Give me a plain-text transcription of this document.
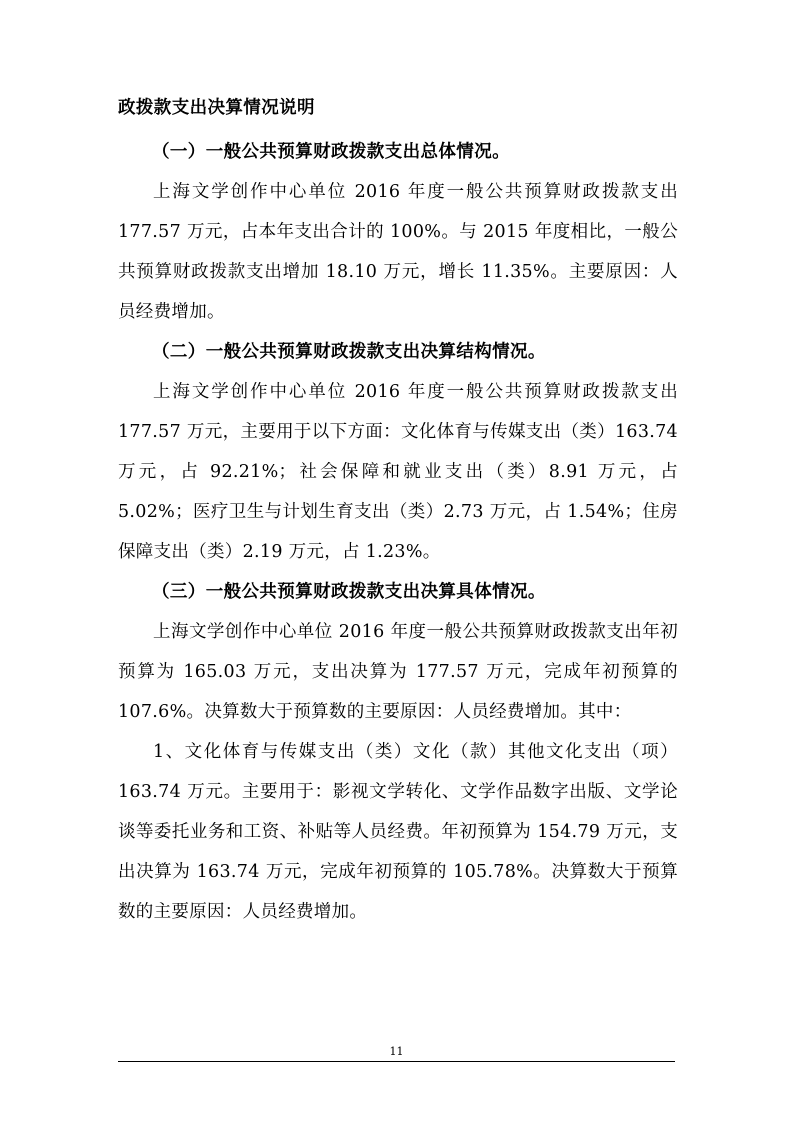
政拨款支出决算情况说明

（一）一般公共预算财政拨款支出总体情况。

上海文学创作中心单位 2016 年度一般公共预算财政拨款支出 177.57 万元，占本年支出合计的 100%。与 2015 年度相比，一般公共预算财政拨款支出增加 18.10 万元，增长 11.35%。主要原因：人员经费增加。

（二）一般公共预算财政拨款支出决算结构情况。

上海文学创作中心单位 2016 年度一般公共预算财政拨款支出 177.57 万元，主要用于以下方面：文化体育与传媒支出（类）163.74 万元，占 92.21%；社会保障和就业支出（类）8.91 万元，占 5.02%；医疗卫生与计划生育支出（类）2.73 万元，占 1.54%；住房保障支出（类）2.19 万元，占 1.23%。

（三）一般公共预算财政拨款支出决算具体情况。

上海文学创作中心单位 2016 年度一般公共预算财政拨款支出年初预算为 165.03 万元，支出决算为 177.57 万元，完成年初预算的 107.6%。决算数大于预算数的主要原因：人员经费增加。其中：

1、文化体育与传媒支出（类）文化（款）其他文化支出（项）163.74 万元。主要用于：影视文学转化、文学作品数字出版、文学论谈等委托业务和工资、补贴等人员经费。年初预算为 154.79 万元，支出决算为 163.74 万元，完成年初预算的 105.78%。决算数大于预算数的主要原因：人员经费增加。

11
